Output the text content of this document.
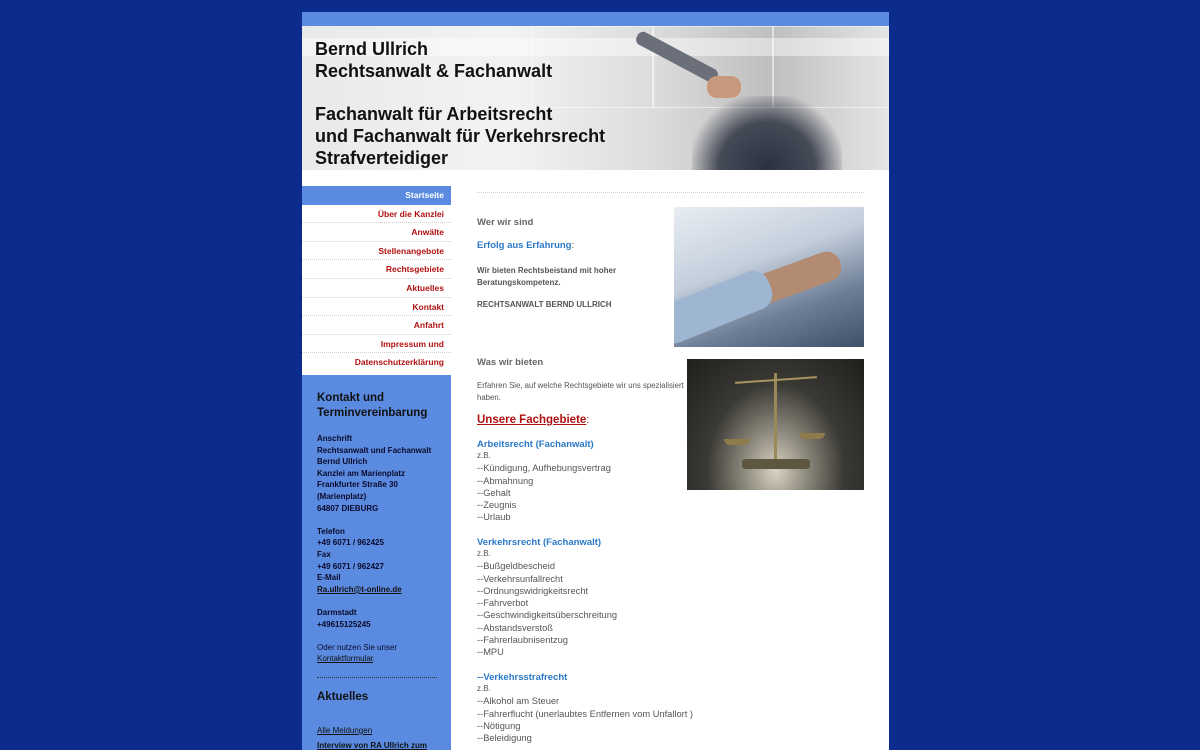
Bernd Ullrich

Rechtsanwalt & Fachanwalt

Fachanwalt für Arbeitsrecht

und Fachanwalt für Verkehrsrecht

Strafverteidiger

Startseite
Über die Kanzlei
Anwälte
Stellenangebote
Rechtsgebiete
Aktuelles
Kontakt
Anfahrt
Impressum und Datenschutzerklärung
Kontakt und
Terminvereinbarung

Anschrift

Rechtsanwalt und Fachanwalt

Bernd Ullrich

Kanzlei am Marienplatz

Frankfurter Straße 30

(Marienplatz)

64807 DIEBURG

Telefon

+49 6071 / 962425

Fax

+49 6071 / 962427

E-Mail

Ra.ullrich@t-online.de

Darmstadt

+49615125245

Oder nutzen Sie unser

Kontaktformular.

Aktuelles

Alle Meldungen

Interview von RA Ullrich zum

Wer wir sind
Erfolg aus Erfahrung:
Wir bieten Rechtsbeistand mit hoher
Beratungskompetenz.
RECHTSANWALT BERND ULLRICH
Was wir bieten
Erfahren Sie, auf welche Rechtsgebiete wir uns spezialisiert
haben.
Unsere Fachgebiete:
Arbeitsrecht (Fachanwalt)

z.B.

--Kündigung, Aufhebungsvertrag

--Abmahnung

--Gehalt

--Zeugnis

--Urlaub

Verkehrsrecht (Fachanwalt)

z.B.

--Bußgeldbescheid

--Verkehrsunfallrecht

--Ordnungswidrigkeitsrecht

--Fahrverbot

--Geschwindigkeitsüberschreitung

--Abstandsverstoß

--Fahrerlaubnisentzug

--MPU

--Verkehrsstrafrecht

z.B.

--Alkohol am Steuer

--Fahrerflucht (unerlaubtes Entfernen vom Unfallort )

--Nötigung

--Beleidigung
